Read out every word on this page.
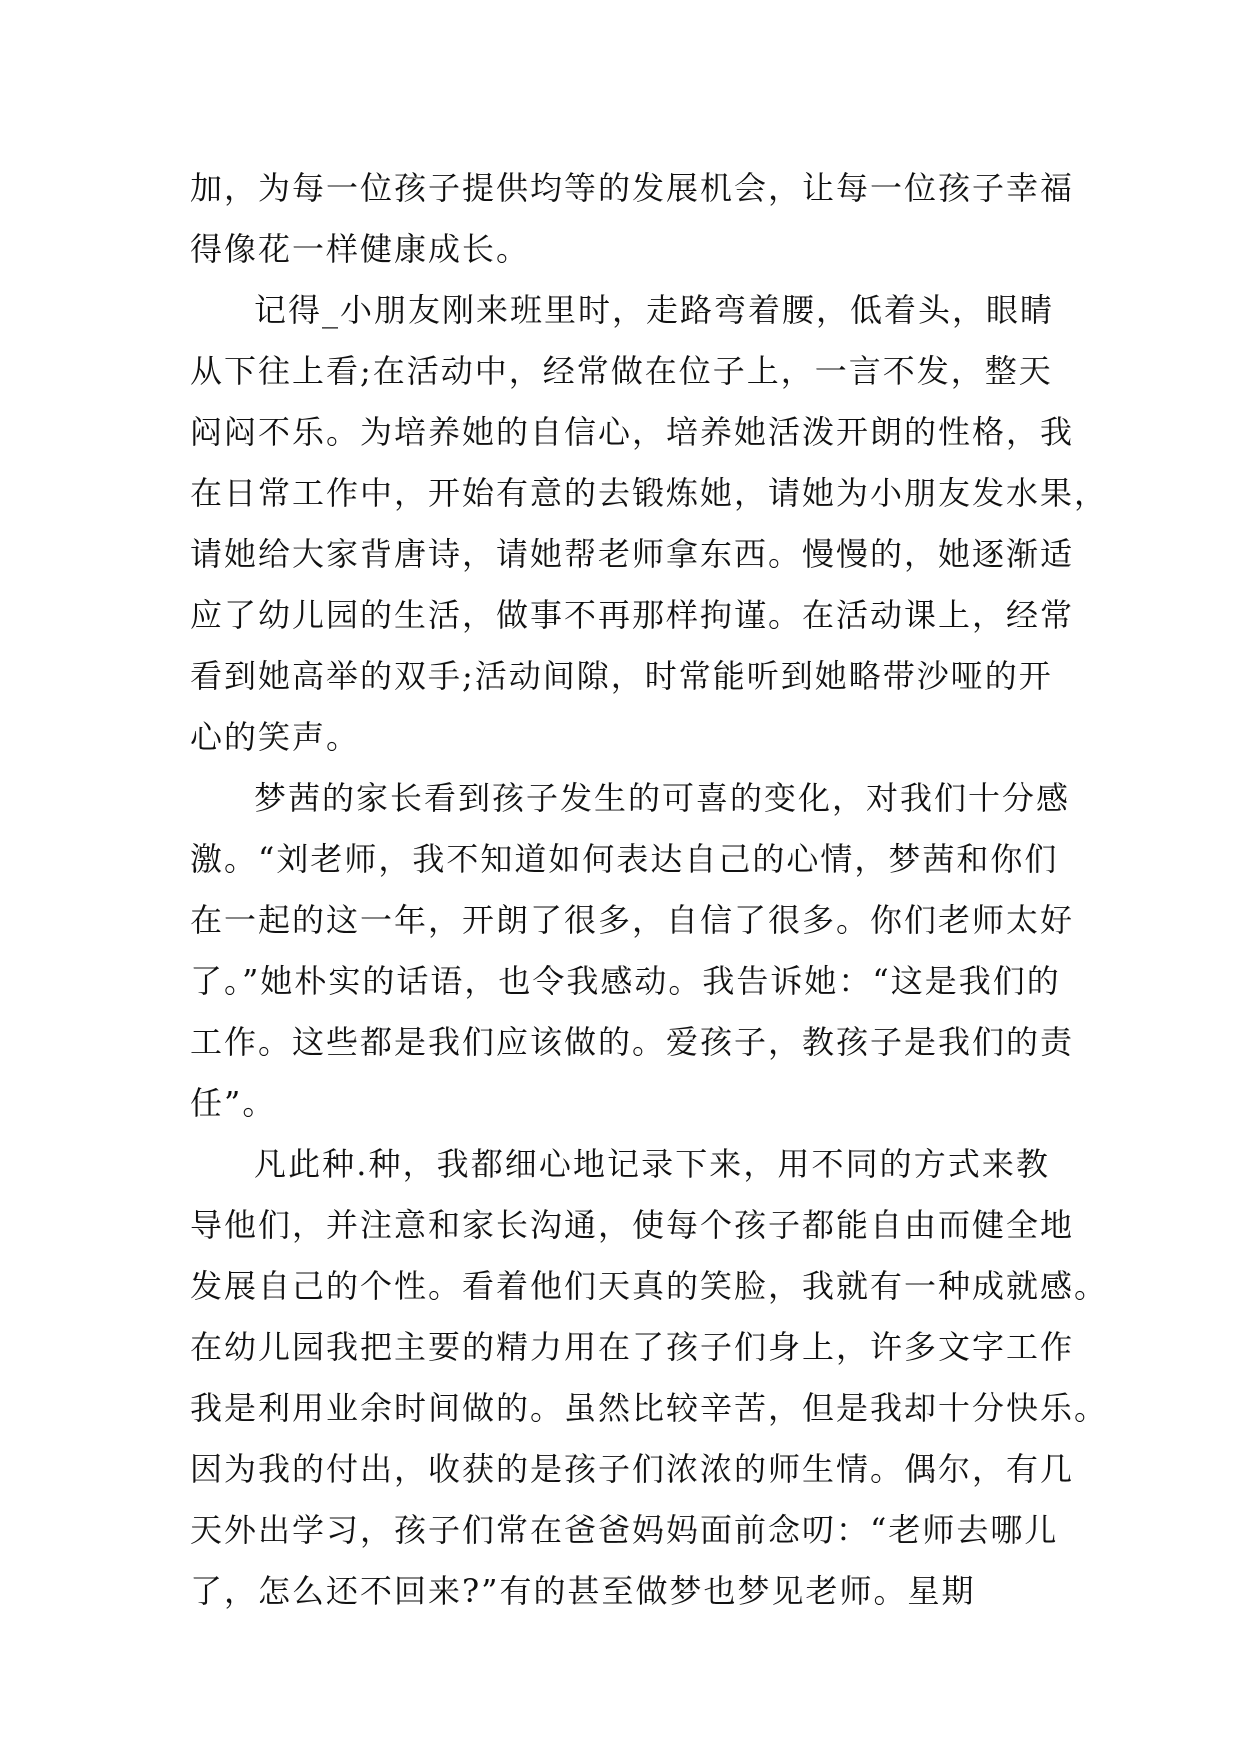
加，为每一位孩子提供均等的发展机会，让每一位孩子幸福
得像花一样健康成长。
记得_小朋友刚来班里时，走路弯着腰，低着头，眼睛
从下往上看;在活动中，经常做在位子上，一言不发，整天
闷闷不乐。为培养她的自信心，培养她活泼开朗的性格，我
在日常工作中，开始有意的去锻炼她，请她为小朋友发水果，
请她给大家背唐诗，请她帮老师拿东西。慢慢的，她逐渐适
应了幼儿园的生活，做事不再那样拘谨。在活动课上，经常
看到她高举的双手;活动间隙，时常能听到她略带沙哑的开
心的笑声。
梦茜的家长看到孩子发生的可喜的变化，对我们十分感
激。“刘老师，我不知道如何表达自己的心情，梦茜和你们
在一起的这一年，开朗了很多，自信了很多。你们老师太好
了。”她朴实的话语，也令我感动。我告诉她：“这是我们的
工作。这些都是我们应该做的。爱孩子，教孩子是我们的责
任”。
凡此种.种，我都细心地记录下来，用不同的方式来教
导他们，并注意和家长沟通，使每个孩子都能自由而健全地
发展自己的个性。看着他们天真的笑脸，我就有一种成就感。
在幼儿园我把主要的精力用在了孩子们身上，许多文字工作
我是利用业余时间做的。虽然比较辛苦，但是我却十分快乐。
因为我的付出，收获的是孩子们浓浓的师生情。偶尔，有几
天外出学习，孩子们常在爸爸妈妈面前念叨：“老师去哪儿
了，怎么还不回来?”有的甚至做梦也梦见老师。星期
